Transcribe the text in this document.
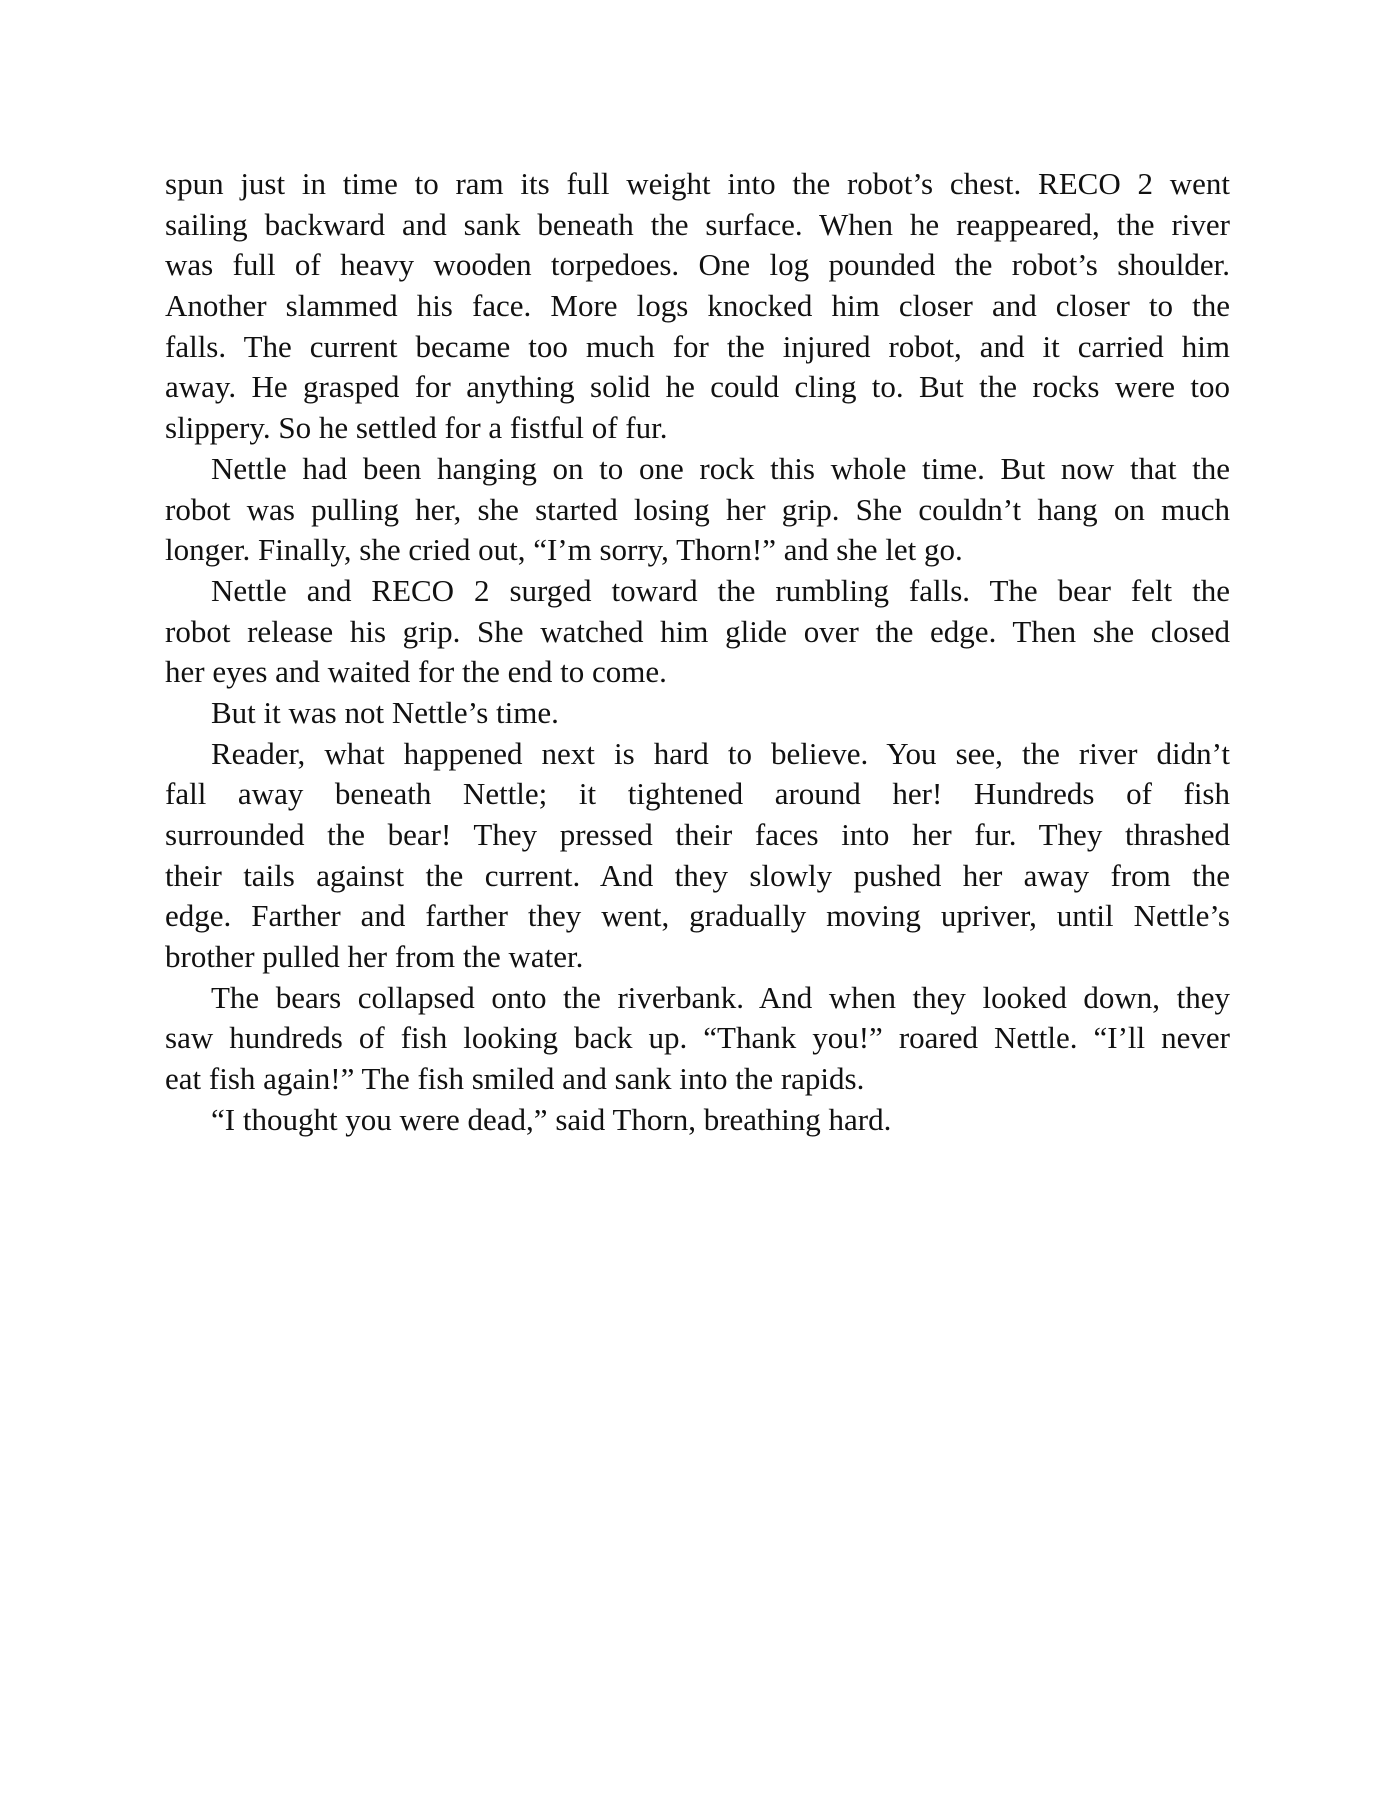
spun just in time to ram its full weight into the robot’s chest. RECO 2 went
sailing backward and sank beneath the surface. When he reappeared, the river
was full of heavy wooden torpedoes. One log pounded the robot’s shoulder.
Another slammed his face. More logs knocked him closer and closer to the
falls. The current became too much for the injured robot, and it carried him
away. He grasped for anything solid he could cling to. But the rocks were too
slippery. So he settled for a fistful of fur.
Nettle had been hanging on to one rock this whole time. But now that the
robot was pulling her, she started losing her grip. She couldn’t hang on much
longer. Finally, she cried out, “I’m sorry, Thorn!” and she let go.
Nettle and RECO 2 surged toward the rumbling falls. The bear felt the
robot release his grip. She watched him glide over the edge. Then she closed
her eyes and waited for the end to come.
But it was not Nettle’s time.
Reader, what happened next is hard to believe. You see, the river didn’t
fall away beneath Nettle; it tightened around her! Hundreds of fish
surrounded the bear! They pressed their faces into her fur. They thrashed
their tails against the current. And they slowly pushed her away from the
edge. Farther and farther they went, gradually moving upriver, until Nettle’s
brother pulled her from the water.
The bears collapsed onto the riverbank. And when they looked down, they
saw hundreds of fish looking back up. “Thank you!” roared Nettle. “I’ll never
eat fish again!” The fish smiled and sank into the rapids.
“I thought you were dead,” said Thorn, breathing hard.
